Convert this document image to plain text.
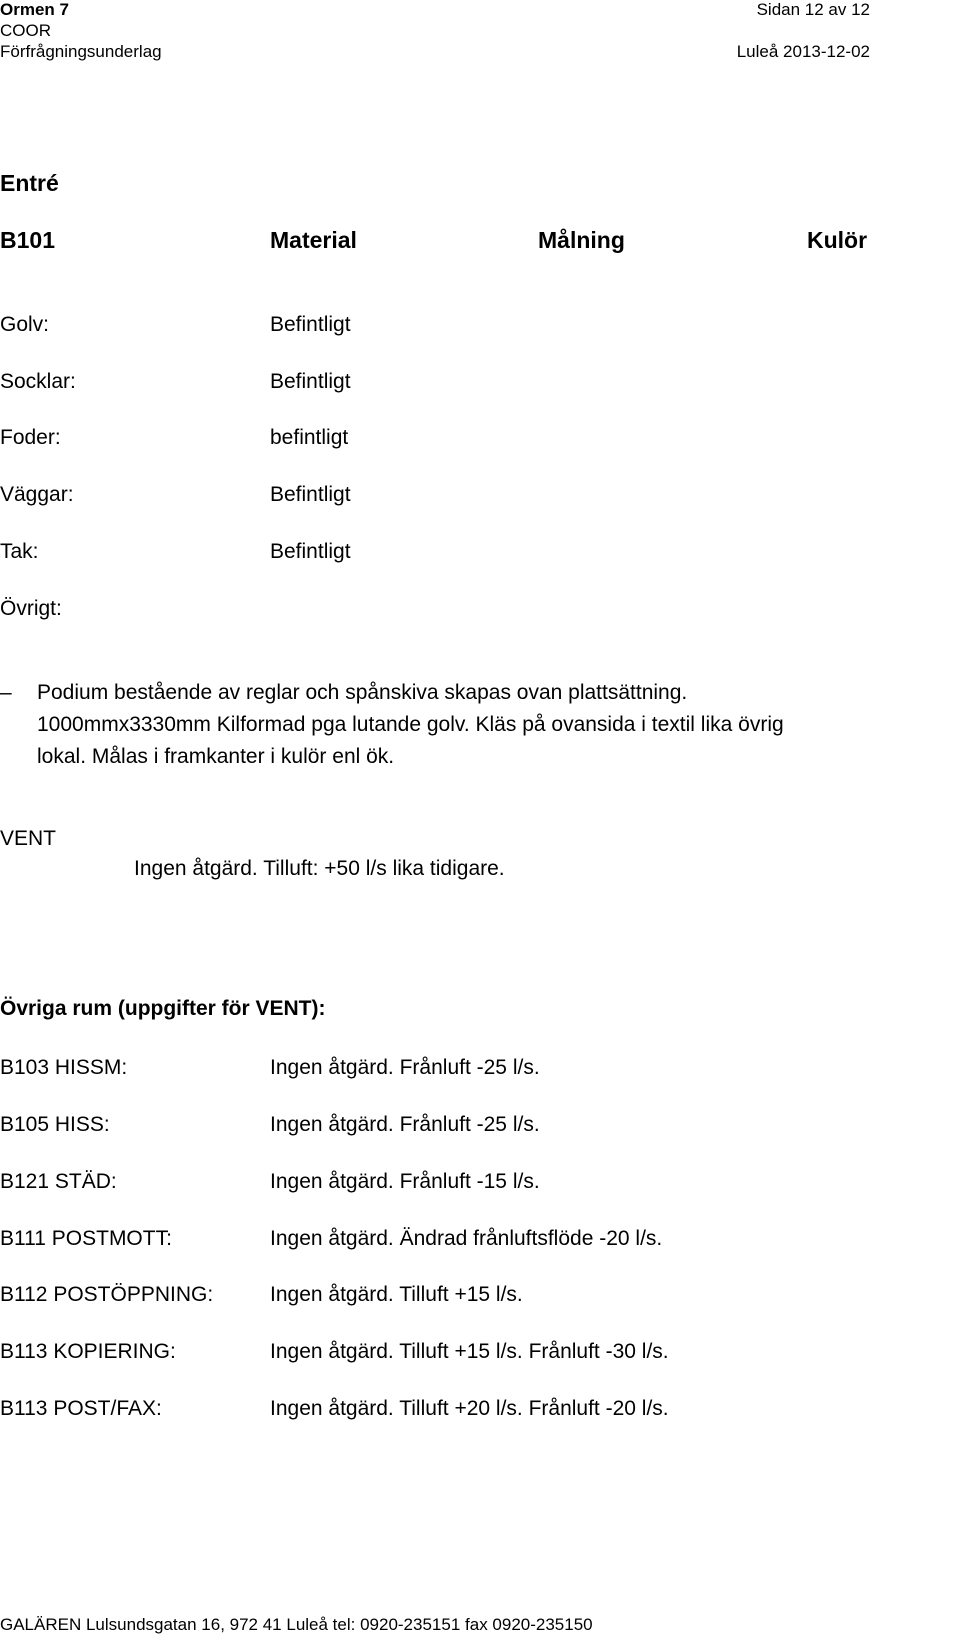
Ormen 7	Sidan 12 av 12
COOR
Förfrågningsunderlag	Luleå 2013-12-02
Entré
B101	Material	Målning	Kulör
Golv:	Befintligt
Socklar:	Befintligt
Foder:	befintligt
Väggar:	Befintligt
Tak:	Befintligt
Övrigt:
– Podium bestående av reglar och spånskiva skapas ovan plattsättning.
1000mmx3330mm Kilformad pga lutande golv. Kläs på ovansida i textil lika övrig
lokal. Målas i framkanter i kulör enl ök.
VENT
Ingen åtgärd. Tilluft: +50 l/s lika tidigare.
Övriga rum (uppgifter för VENT):
B103 HISSM:	Ingen åtgärd. Frånluft -25 l/s.
B105 HISS:	Ingen åtgärd. Frånluft -25 l/s.
B121 STÄD:	Ingen åtgärd. Frånluft -15 l/s.
B111 POSTMOTT:	Ingen åtgärd. Ändrad frånluftsflöde -20 l/s.
B112 POSTÖPPNING:	Ingen åtgärd. Tilluft +15 l/s.
B113 KOPIERING:	Ingen åtgärd. Tilluft +15 l/s. Frånluft -30 l/s.
B113 POST/FAX:	Ingen åtgärd. Tilluft +20 l/s. Frånluft -20 l/s.
GALÄREN Lulsundsgatan 16, 972 41 Luleå tel: 0920-235151 fax 0920-235150
